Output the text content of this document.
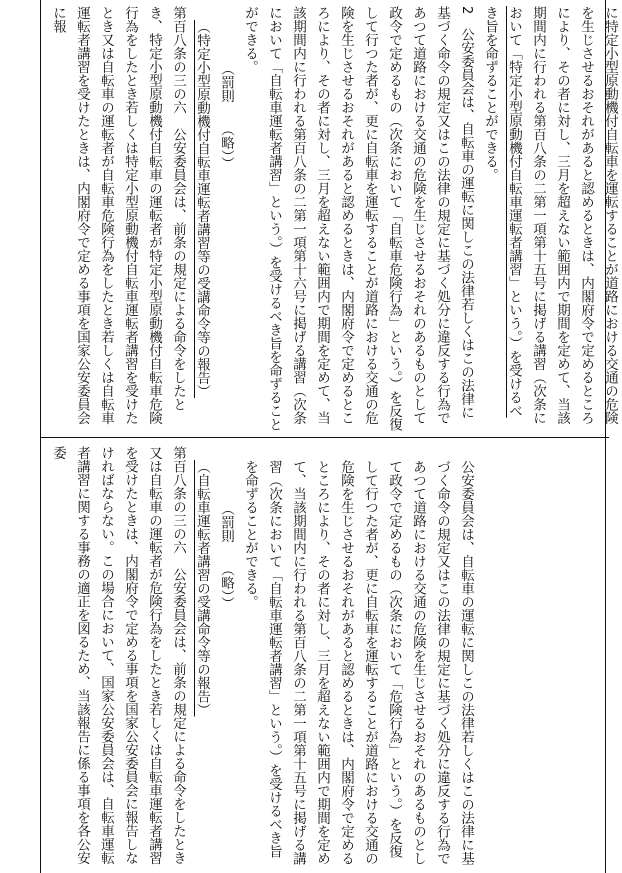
に特定小型原動機付自転車を運転することが道路における交通の危険

を生じさせるおそれがあると認めるときは、内閣府令で定めるところ

により、その者に対し、三月を超えない範囲内で期間を定めて、当該

期間内に行われる第百八条の二第一項第十五号に掲げる講習（次条に

おいて「特定小型原動機付自転車運転者講習」という。）を受けるべ

き旨を命ずることができる。

2　公安委員会は、自転車の運転に関しこの法律若しくはこの法律に基づく命令の規定又はこの法律の規定に基づく処分に違反する行為であつて道路における交通の危険を生じさせるおそれのあるものとして政令で定めるもの（次条において「自転車危険行為」という。）を反復して行つた者が、更に自転車を運転することが道路における交通の危険を生じさせるおそれがあると認めるときは、内閣府令で定めるところにより、その者に対し、三月を超えない範囲内で期間を定めて、当該期間内に行われる第百八条の二第一項第十六号に掲げる講習（次条において「自転車運転者講習」という。）を受けるべき旨を命ずることができる。

（罰則　　（略））

（特定小型原動機付自転車運転者講習等の受講命令等の報告）

第百八条の三の六　公安委員会は、前条の規定による命令をしたとき、特定小型原動機付自転車の運転者が特定小型原動機付自転車危険行為をしたとき若しくは特定小型原動機付自転車運転者講習を受けたとき又は自転車の運転者が自転車危険行為をしたとき若しくは自転車運転者講習を受けたときは、内閣府令で定める事項を国家公安委員会に報

公安委員会は、自転車の運転に関しこの法律若しくはこの法律に基づく命令の規定又はこの法律の規定に基づく処分に違反する行為であつて道路における交通の危険を生じさせるおそれのあるものとして政令で定めるもの（次条において「危険行為」という。）を反復して行つた者が、更に自転車を運転することが道路における交通の危険を生じさせるおそれがあると認めるときは、内閣府令で定めるところにより、その者に対し、三月を超えない範囲内で期間を定めて、当該期間内に行われる第百八条の二第一項第十五号に掲げる講習（次条において「自転車運転者講習」という。）を受けるべき旨を命ずることができる。

（罰則　　（略））

（自転車運転者講習の受講命令等の報告）

第百八条の三の六　公安委員会は、前条の規定による命令をしたとき又は自転車の運転者が危険行為をしたとき若しくは自転車運転者講習を受けたときは、内閣府令で定める事項を国家公安委員会に報告しなければならない。この場合において、国家公安委員会は、自転車運転者講習に関する事務の適正を図るため、当該報告に係る事項を各公安委
